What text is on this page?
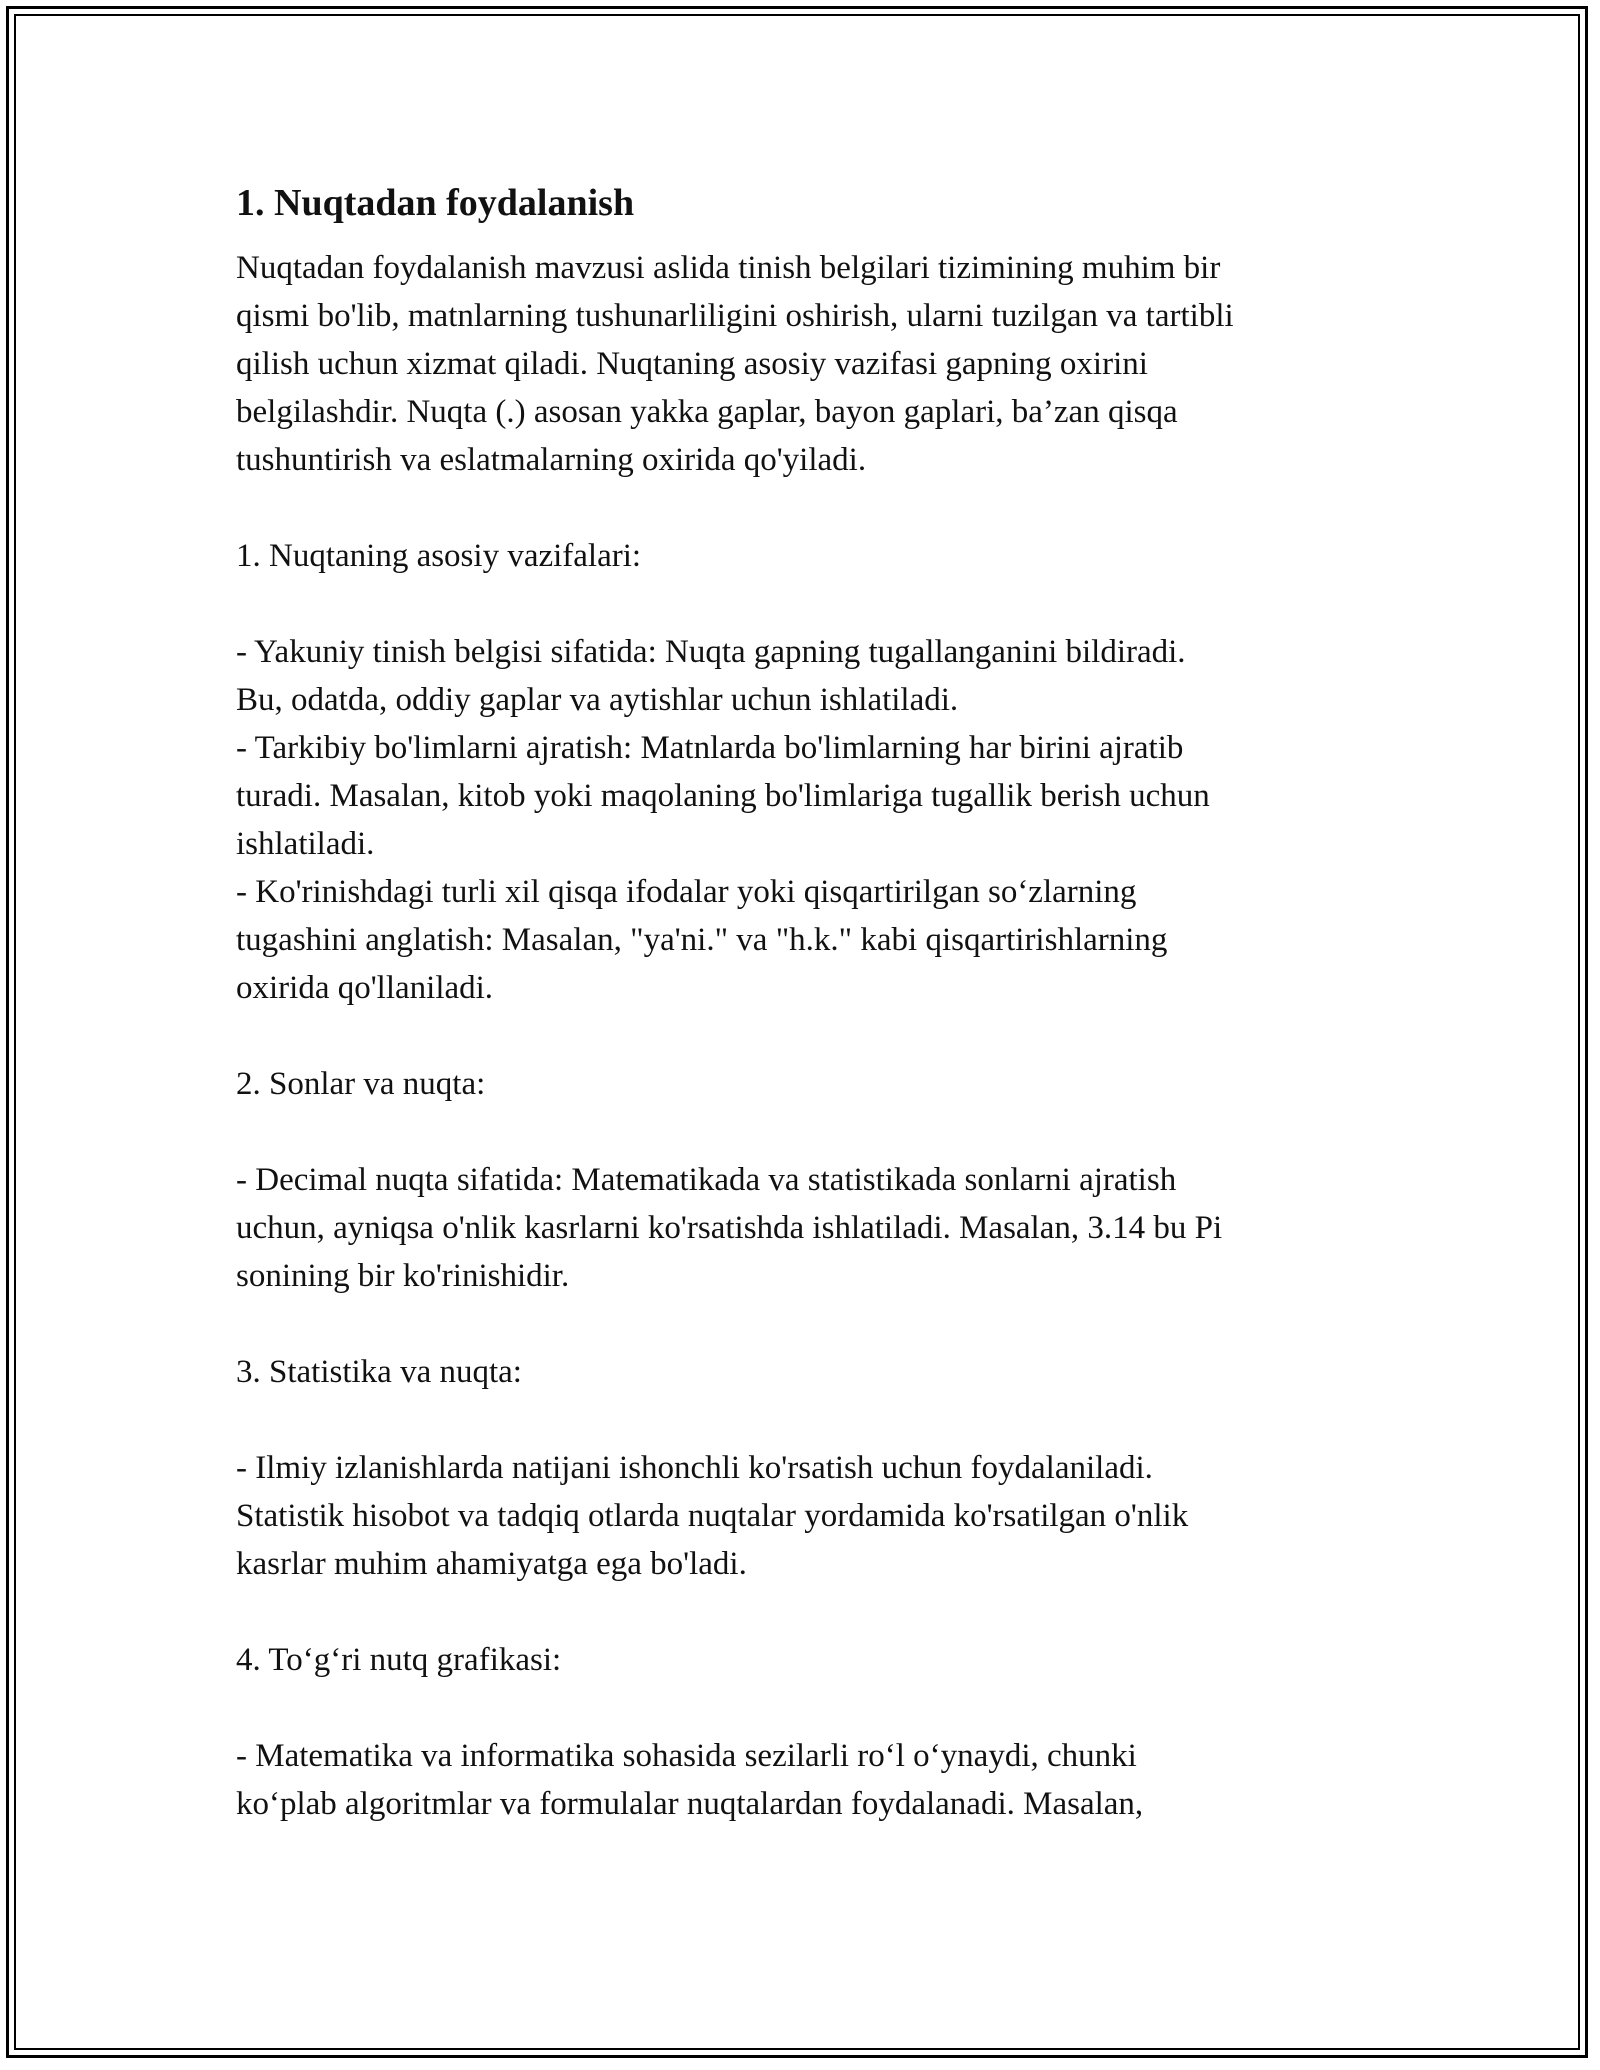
1. Nuqtadan foydalanish

Nuqtadan foydalanish mavzusi aslida tinish belgilari tizimining muhim bir
qismi bo'lib, matnlarning tushunarliligini oshirish, ularni tuzilgan va tartibli
qilish uchun xizmat qiladi. Nuqtaning asosiy vazifasi gapning oxirini
belgilashdir. Nuqta (.) asosan yakka gaplar, bayon gaplari, ba’zan qisqa
tushuntirish va eslatmalarning oxirida qo'yiladi.

1. Nuqtaning asosiy vazifalari:

- Yakuniy tinish belgisi sifatida: Nuqta gapning tugallanganini bildiradi.
Bu, odatda, oddiy gaplar va aytishlar uchun ishlatiladi.

- Tarkibiy bo'limlarni ajratish: Matnlarda bo'limlarning har birini ajratib
turadi. Masalan, kitob yoki maqolaning bo'limlariga tugallik berish uchun
ishlatiladi.

- Ko'rinishdagi turli xil qisqa ifodalar yoki qisqartirilgan so‘zlarning
tugashini anglatish: Masalan, "ya'ni." va "h.k." kabi qisqartirishlarning
oxirida qo'llaniladi.

2. Sonlar va nuqta:

- Decimal nuqta sifatida: Matematikada va statistikada sonlarni ajratish
uchun, ayniqsa o'nlik kasrlarni ko'rsatishda ishlatiladi. Masalan, 3.14 bu Pi
sonining bir ko'rinishidir.

3. Statistika va nuqta:

- Ilmiy izlanishlarda natijani ishonchli ko'rsatish uchun foydalaniladi.
Statistik hisobot va tadqiq otlarda nuqtalar yordamida ko'rsatilgan o'nlik
kasrlar muhim ahamiyatga ega bo'ladi.

4. To‘g‘ri nutq grafikasi:

- Matematika va informatika sohasida sezilarli ro‘l o‘ynaydi, chunki
ko‘plab algoritmlar va formulalar nuqtalardan foydalanadi. Masalan,
